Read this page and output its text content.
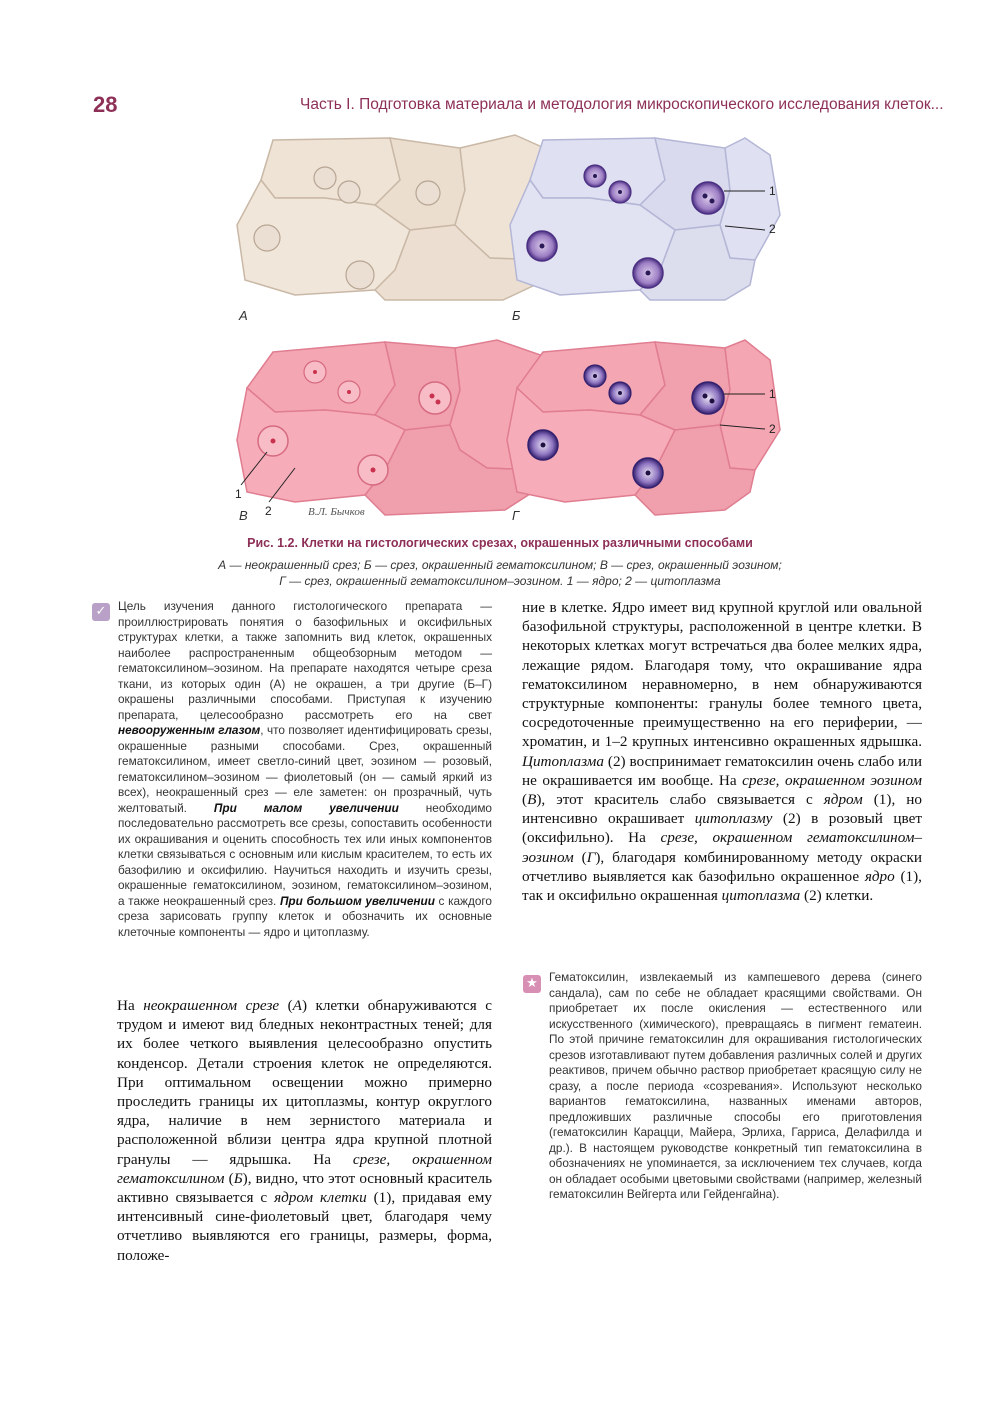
28	Часть I. Подготовка материала и методология микроскопического исследования клеток...
А	Б
В	Г
1
2
1
2
1
2	В.Л. Бычков
Рис. 1.2. Клетки на гистологических срезах, окрашенных различными способами
А — неокрашенный срез; Б — срез, окрашенный гематоксилином; В — срез, окрашенный эозином;
Г — срез, окрашенный гематоксилином–эозином. 1 — ядро; 2 — цитоплазма
✓ Цель изучения данного гистологического препарата — проиллюстрировать понятия о базофильных и оксифильных структурах клетки, а также запомнить вид клеток, окрашенных наиболее распространенным общеобзорным методом — гематоксилином–эозином. На препарате находятся четыре среза ткани, из которых один (А) не окрашен, а три другие (Б–Г) окрашены различными способами. Приступая к изучению препарата, целесообразно рассмотреть его на свет невооруженным глазом, что позволяет идентифицировать срезы, окрашенные разными способами. Срез, окрашенный гематоксилином, имеет светло-синий цвет, эозином — розовый, гематоксилином–эозином — фиолетовый (он — самый яркий из всех), неокрашенный срез — еле заметен: он прозрачный, чуть желтоватый. При малом увеличении необходимо последовательно рассмотреть все срезы, сопоставить особенности их окрашивания и оценить способность тех или иных компонентов клетки связываться с основным или кислым красителем, то есть их базофилию и оксифилию. Научиться находить и изучить срезы, окрашенные гематоксилином, эозином, гематоксилином–эозином, а также неокрашенный срез. При большом увеличении с каждого среза зарисовать группу клеток и обозначить их основные клеточные компоненты — ядро и цитоплазму.
На неокрашенном срезе (А) клетки обнаруживаются с трудом и имеют вид бледных неконтрастных теней; для их более четкого выявления целесообразно опустить конденсор. Детали строения клеток не определяются. При оптимальном освещении можно примерно проследить границы их цитоплазмы, контур округлого ядра, наличие в нем зернистого материала и расположенной вблизи центра ядра крупной плотной гранулы — ядрышка. На срезе, окрашенном гематоксилином (Б), видно, что этот основный краситель активно связывается с ядром клетки (1), придавая ему интенсивный сине-фиолетовый цвет, благодаря чему отчетливо выявляются его границы, размеры, форма, положе-
ние в клетке. Ядро имеет вид крупной круглой или овальной базофильной структуры, расположенной в центре клетки. В некоторых клетках могут встречаться два более мелких ядра, лежащие рядом. Благодаря тому, что окрашивание ядра гематоксилином неравномерно, в нем обнаруживаются структурные компоненты: гранулы более темного цвета, сосредоточенные преимущественно на его периферии, — хроматин, и 1–2 крупных интенсивно окрашенных ядрышка. Цитоплазма (2) воспринимает гематоксилин очень слабо или не окрашивается им вообще. На срезе, окрашенном эозином (В), этот краситель слабо связывается с ядром (1), но интенсивно окрашивает цитоплазму (2) в розовый цвет (оксифильно). На срезе, окрашенном гематоксилином–эозином (Г), благодаря комбинированному методу окраски отчетливо выявляется как базофильно окрашенное ядро (1), так и оксифильно окрашенная цитоплазма (2) клетки.
★ Гематоксилин, извлекаемый из кампешевого дерева (синего сандала), сам по себе не обладает красящими свойствами. Он приобретает их после окисления — естественного или искусственного (химического), превращаясь в пигмент гематеин. По этой причине гематоксилин для окрашивания гистологических срезов изготавливают путем добавления различных солей и других реактивов, причем обычно раствор приобретает красящую силу не сразу, а после периода «созревания». Используют несколько вариантов гематоксилина, названных именами авторов, предложивших различные способы его приготовления (гематоксилин Карацци, Майера, Эрлиха, Гарриса, Делафилда и др.). В настоящем руководстве конкретный тип гематоксилина в обозначениях не упоминается, за исключением тех случаев, когда он обладает особыми цветовыми свойствами (например, железный гематоксилин Вейгерта или Гейденгайна).
